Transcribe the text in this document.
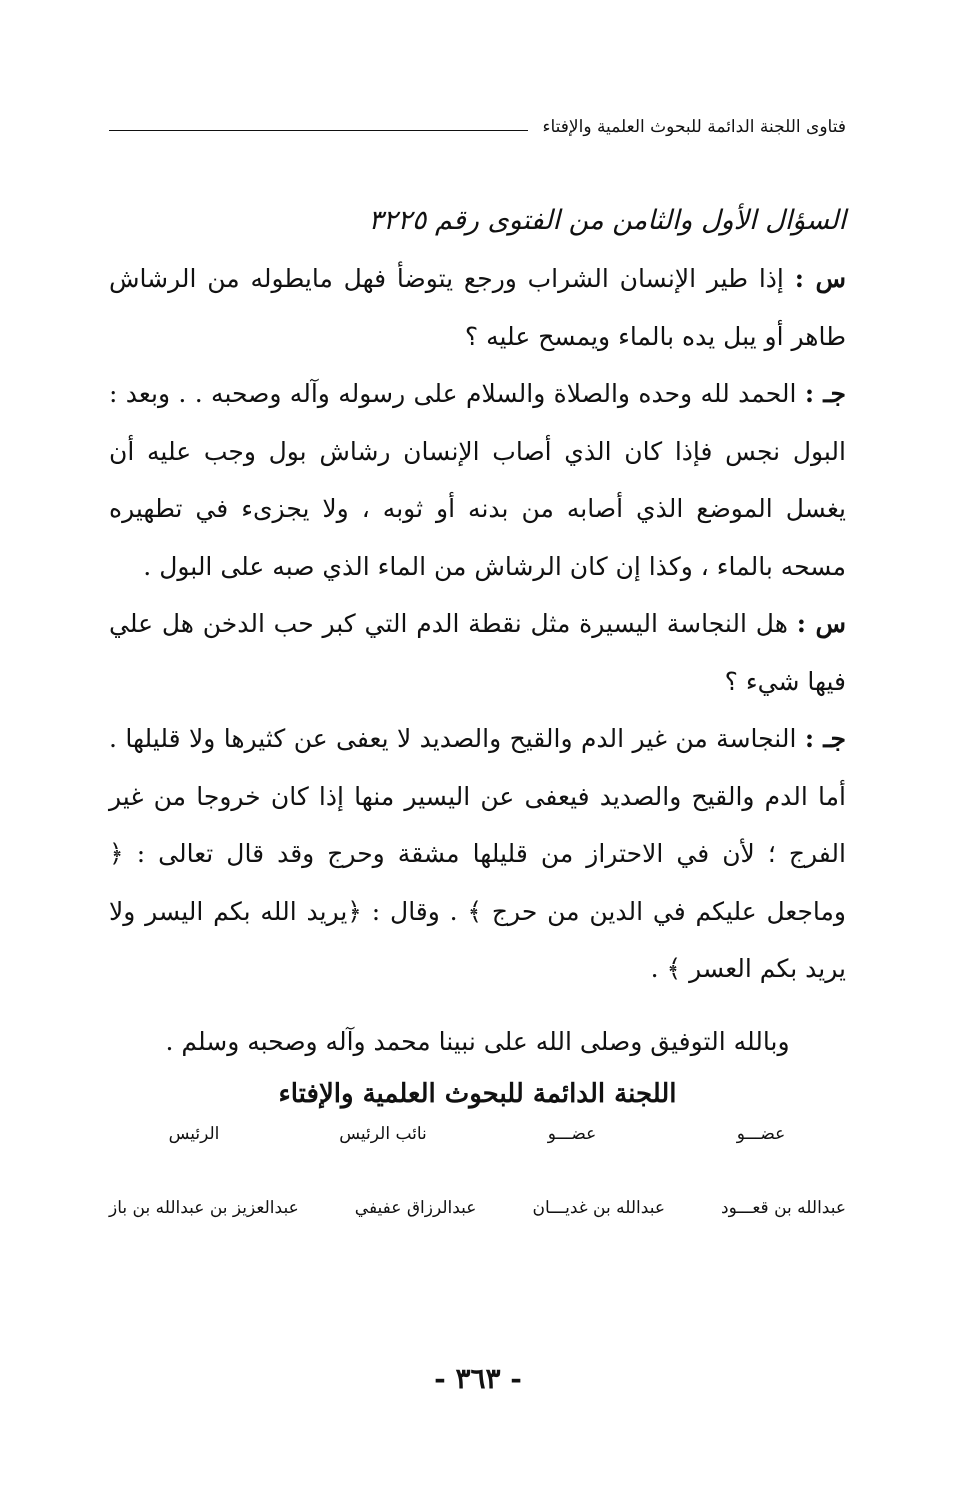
فتاوى اللجنة الدائمة للبحوث العلمية والإفتاء
السؤال الأول والثامن من الفتوى رقم ٣٢٢٥

س : إذا طير الإنسان الشراب ورجع يتوضأ فهل مايطوله من الرشاش طاهر أو يبل يده بالماء ويمسح عليه ؟

جـ : الحمد لله وحده والصلاة والسلام على رسوله وآله وصحبه . . وبعد : البول نجس فإذا كان الذي أصاب الإنسان رشاش بول وجب عليه أن يغسل الموضع الذي أصابه من بدنه أو ثوبه ، ولا يجزىء في تطهيره مسحه بالماء ، وكذا إن كان الرشاش من الماء الذي صبه على البول .

س : هل النجاسة اليسيرة مثل نقطة الدم التي كبر حب الدخن هل علي فيها شيء ؟

جـ : النجاسة من غير الدم والقيح والصديد لا يعفى عن كثيرها ولا قليلها . أما الدم والقيح والصديد فيعفى عن اليسير منها إذا كان خروجا من غير الفرج ؛ لأن في الاحتراز من قليلها مشقة وحرج وقد قال تعالى : ﴿ وماجعل عليكم في الدين من حرج ﴾ . وقال : ﴿يريد الله بكم اليسر ولا يريد بكم العسر ﴾ .

وبالله التوفيق وصلى الله على نبينا محمد وآله وصحبه وسلم .
اللجنة الدائمة للبحوث العلمية والإفتاء
عضـــو
عضـــو
نائب الرئيس
الرئيس
عبدالله بن قعـــود
عبدالله بن غديـــان
عبدالرزاق عفيفي
عبدالعزيز بن عبدالله بن باز
- ٣٦٣ -
